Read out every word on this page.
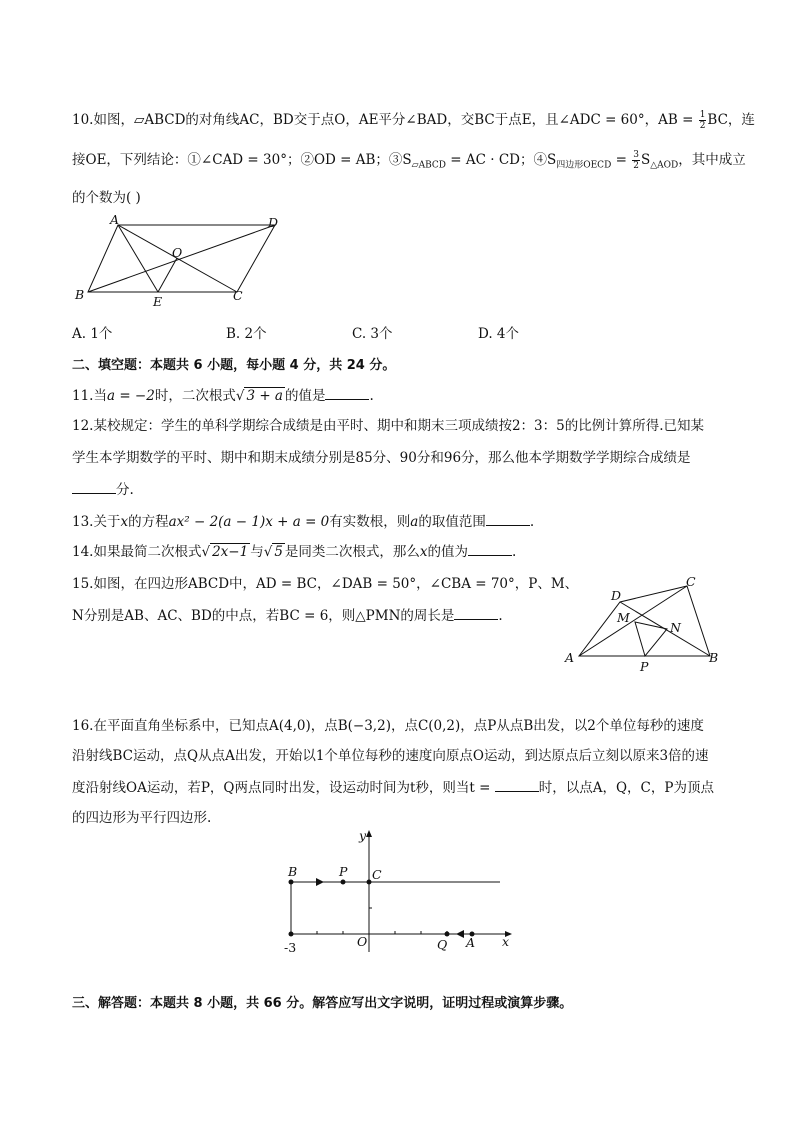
10.如图，▱ABCD的对角线AC，BD交于点O，AE平分∠BAD，交BC于点E，且∠ADC = 60°，AB = $\frac{1}{2}$ BC，连
接OE，下列结论：①∠CAD = 30°；②OD = AB；$③S_{▱ABCD}$ = AC · CD；$④S_{四边形OECD} = \frac{3}{2} S_{\triangle AOD}$，其中成立
的个数为( )
A	D
O
B	E	C
A. 1个	B. 2个	C. 3个	D. 4个
二、填空题：本题共 6 小题，每小题 4 分，共 24 分。
11.当a = −2时，二次根式√ 3 + a 的值是	.
12.某校规定：学生的单科学期综合成绩是由平时、期中和期末三项成绩按2：3：5的比例计算所得.已知某
学生本学期数学的平时、期中和期末成绩分别是85分、90分和96分，那么他本学期数学学期综合成绩是
分.
13.关于x的方程ax² − 2(a − 1)x + a = 0有实数根，则a的取值范围	.
14.如果最简二次根式√ 2x−1 与√ 5 是同类二次根式，那么x的值为	.
15.如图，在四边形ABCD中，AD = BC，∠DAB = 50°，∠CBA = 70°，P、M、
N分别是AB、AC、BD的中点，若BC = 6，则△PMN的周长是	.
A	B
C
D
M
N
P
16.在平面直角坐标系中，已知点A(4,0)，点B(−3,2)，点C(0,2)，点P从点B出发，以2个单位每秒的速度
沿射线BC运动，点Q从点A出发，开始以1个单位每秒的速度向原点O运动，到达原点后立刻以原来3倍的速
度沿射线OA运动，若P，Q两点同时出发，设运动时间为t秒，则当t =	时，以点A，Q，C，P为顶点
的四边形为平行四边形.
B	P C
O	Q A x
y
-3
三、解答题：本题共 8 小题，共 66 分。解答应写出文字说明，证明过程或演算步骤。
